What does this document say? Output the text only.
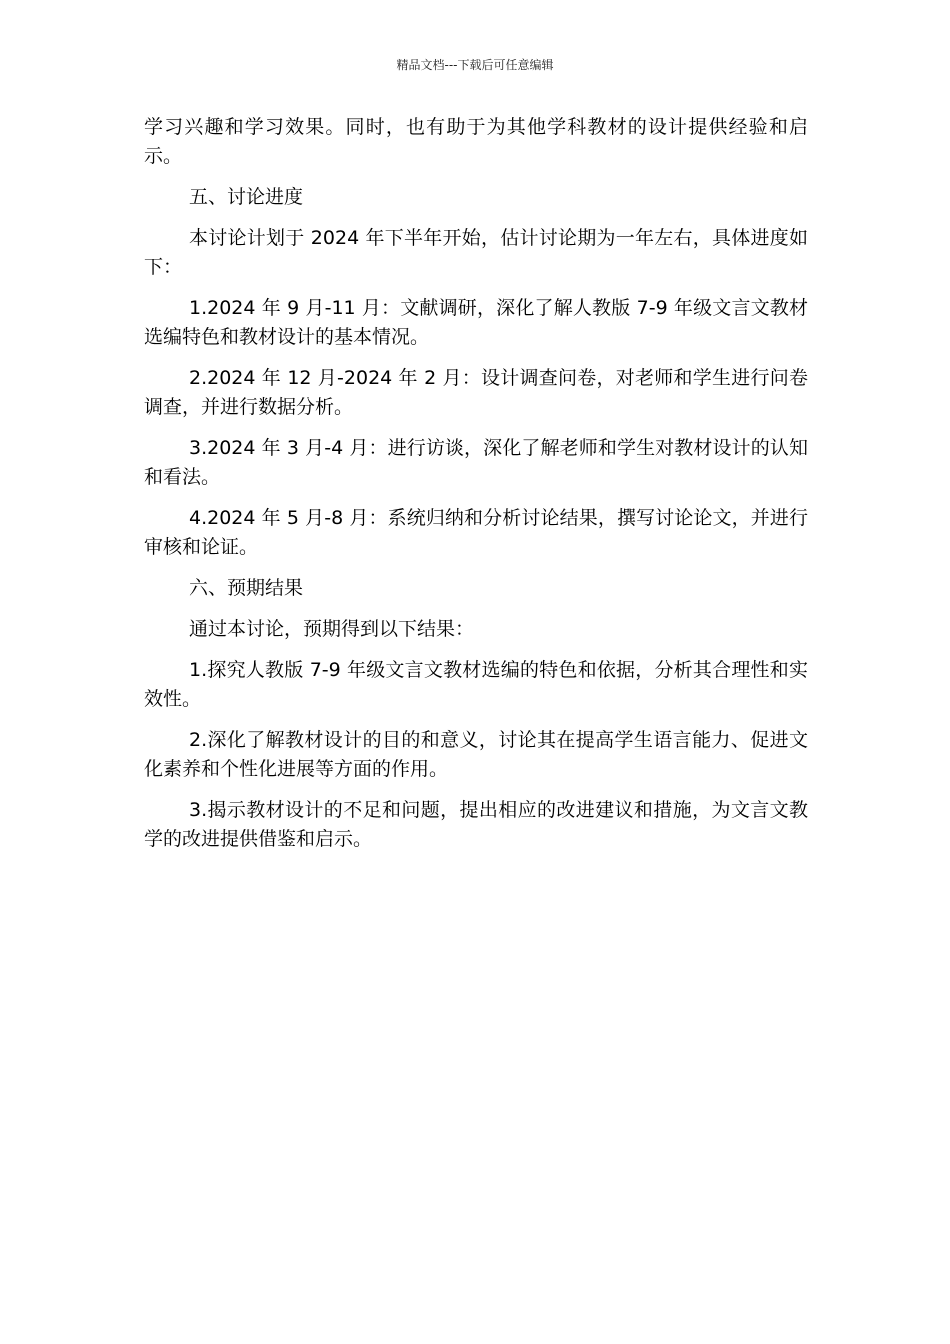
精品文档---下载后可任意编辑

学习兴趣和学习效果。同时，也有助于为其他学科教材的设计提供经验和启示。

五、讨论进度

本讨论计划于 2024 年下半年开始，估计讨论期为一年左右，具体进度如下：

1.2024 年 9 月-11 月：文献调研，深化了解人教版 7-9 年级文言文教材选编特色和教材设计的基本情况。

2.2024 年 12 月-2024 年 2 月：设计调查问卷，对老师和学生进行问卷调查，并进行数据分析。

3.2024 年 3 月-4 月：进行访谈，深化了解老师和学生对教材设计的认知和看法。

4.2024 年 5 月-8 月：系统归纳和分析讨论结果，撰写讨论论文，并进行审核和论证。

六、预期结果

通过本讨论，预期得到以下结果：

1.探究人教版 7-9 年级文言文教材选编的特色和依据，分析其合理性和实效性。

2.深化了解教材设计的目的和意义，讨论其在提高学生语言能力、促进文化素养和个性化进展等方面的作用。

3.揭示教材设计的不足和问题，提出相应的改进建议和措施，为文言文教学的改进提供借鉴和启示。
